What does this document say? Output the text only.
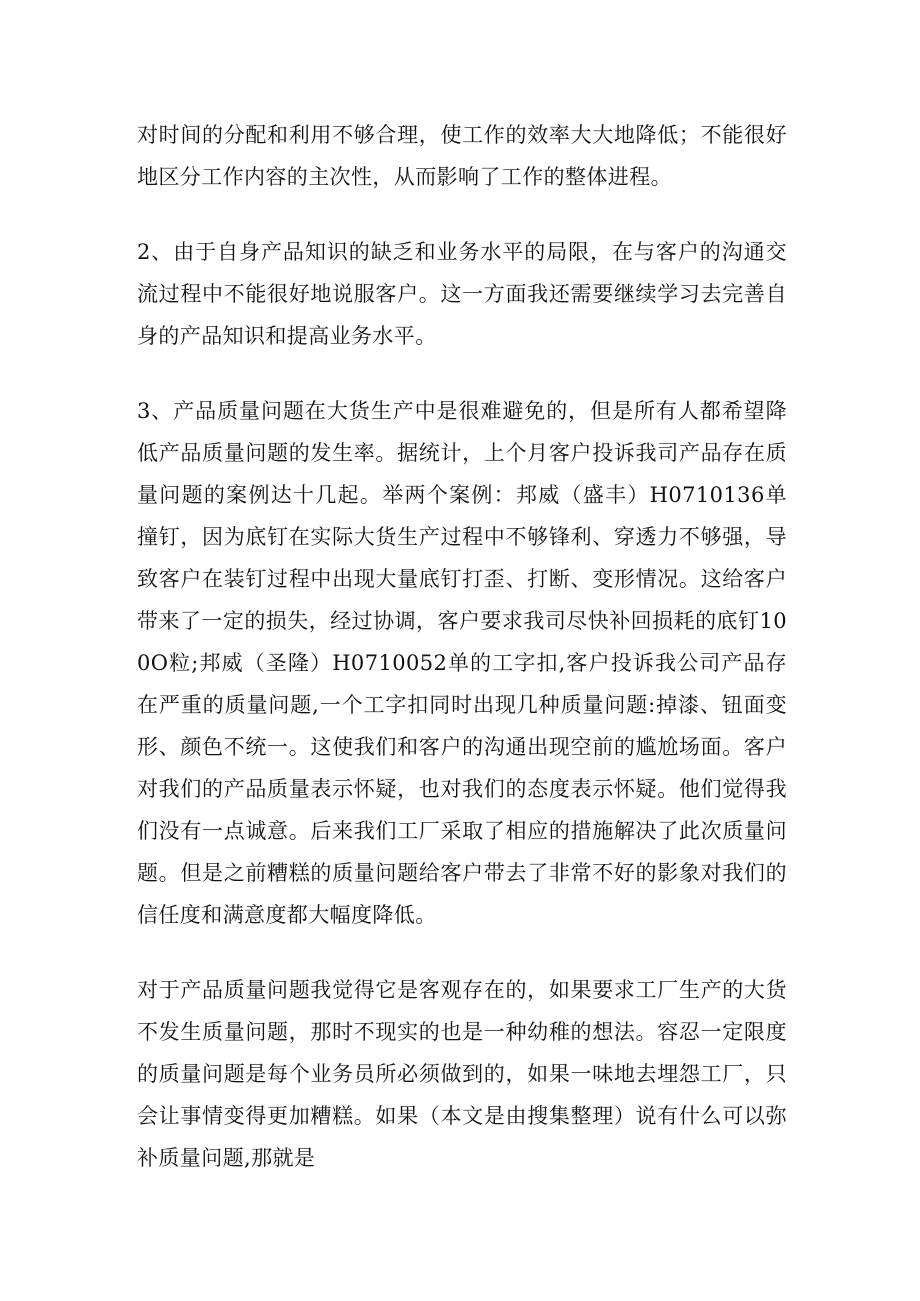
对时间的分配和利用不够合理，使工作的效率大大地降低；不能很好地区分工作内容的主次性，从而影响了工作的整体进程。

2、由于自身产品知识的缺乏和业务水平的局限，在与客户的沟通交流过程中不能很好地说服客户。这一方面我还需要继续学习去完善自身的产品知识和提高业务水平。

3、产品质量问题在大货生产中是很难避免的，但是所有人都希望降低产品质量问题的发生率。据统计，上个月客户投诉我司产品存在质量问题的案例达十几起。举两个案例：邦威（盛丰）H0710136单撞钉，因为底钉在实际大货生产过程中不够锋利、穿透力不够强，导致客户在装钉过程中出现大量底钉打歪、打断、变形情况。这给客户带来了一定的损失，经过协调，客户要求我司尽快补回损耗的底钉100O粒;邦威（圣隆）H0710052单的工字扣,客户投诉我公司产品存在严重的质量问题,一个工字扣同时出现几种质量问题:掉漆、钮面变形、颜色不统一。这使我们和客户的沟通出现空前的尴尬场面。客户对我们的产品质量表示怀疑，也对我们的态度表示怀疑。他们觉得我们没有一点诚意。后来我们工厂采取了相应的措施解决了此次质量问题。但是之前糟糕的质量问题给客户带去了非常不好的影象对我们的信任度和满意度都大幅度降低。

对于产品质量问题我觉得它是客观存在的，如果要求工厂生产的大货不发生质量问题，那时不现实的也是一种幼稚的想法。容忍一定限度的质量问题是每个业务员所必须做到的，如果一味地去埋怨工厂，只会让事情变得更加糟糕。如果（本文是由搜集整理）说有什么可以弥补质量问题,那就是
